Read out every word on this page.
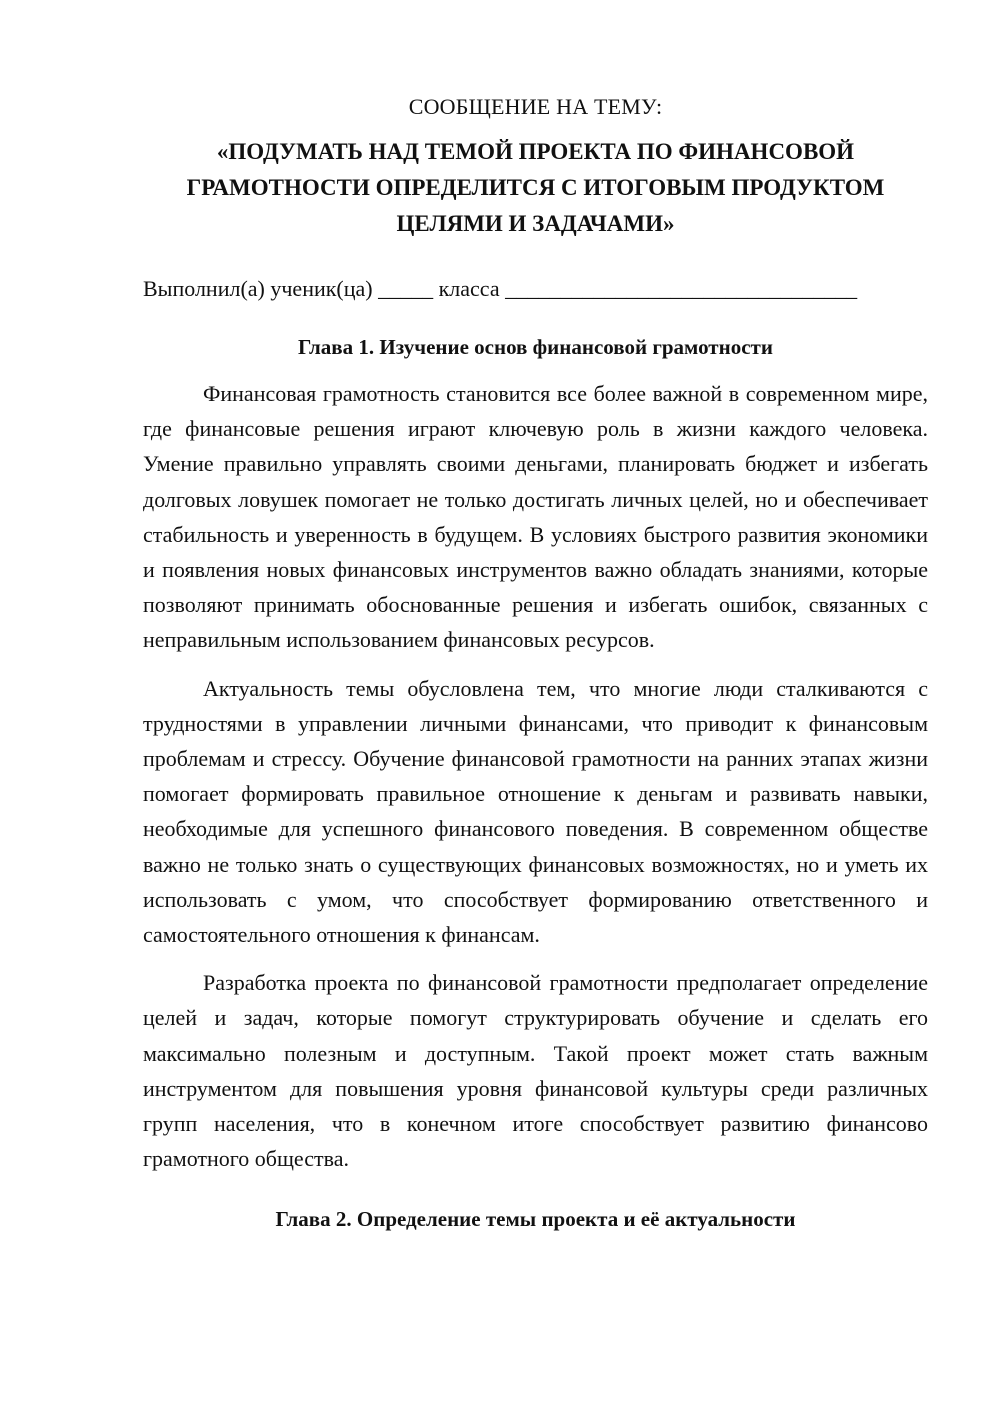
СООБЩЕНИЕ НА ТЕМУ:
«ПОДУМАТЬ НАД ТЕМОЙ ПРОЕКТА ПО ФИНАНСОВОЙ
ГРАМОТНОСТИ ОПРЕДЕЛИТСЯ С ИТОГОВЫМ ПРОДУКТОМ
ЦЕЛЯМИ И ЗАДАЧАМИ»
Выполнил(а) ученик(ца) _____ класса ________________________________
Глава 1. Изучение основ финансовой грамотности

Финансовая грамотность становится все более важной в современном мире, где финансовые решения играют ключевую роль в жизни каждого человека. Умение правильно управлять своими деньгами, планировать бюджет и избегать долговых ловушек помогает не только достигать личных целей, но и обеспечивает стабильность и уверенность в будущем. В условиях быстрого развития экономики и появления новых финансовых инструментов важно обладать знаниями, которые позволяют принимать обоснованные решения и избегать ошибок, связанных с неправильным использованием финансовых ресурсов.

Актуальность темы обусловлена тем, что многие люди сталкиваются с трудностями в управлении личными финансами, что приводит к финансовым проблемам и стрессу. Обучение финансовой грамотности на ранних этапах жизни помогает формировать правильное отношение к деньгам и развивать навыки, необходимые для успешного финансового поведения. В современном обществе важно не только знать о существующих финансовых возможностях, но и уметь их использовать с умом, что способствует формированию ответственного и самостоятельного отношения к финансам.

Разработка проекта по финансовой грамотности предполагает определение целей и задач, которые помогут структурировать обучение и сделать его максимально полезным и доступным. Такой проект может стать важным инструментом для повышения уровня финансовой культуры среди различных групп населения, что в конечном итоге способствует развитию финансово грамотного общества.

Глава 2. Определение темы проекта и её актуальности
